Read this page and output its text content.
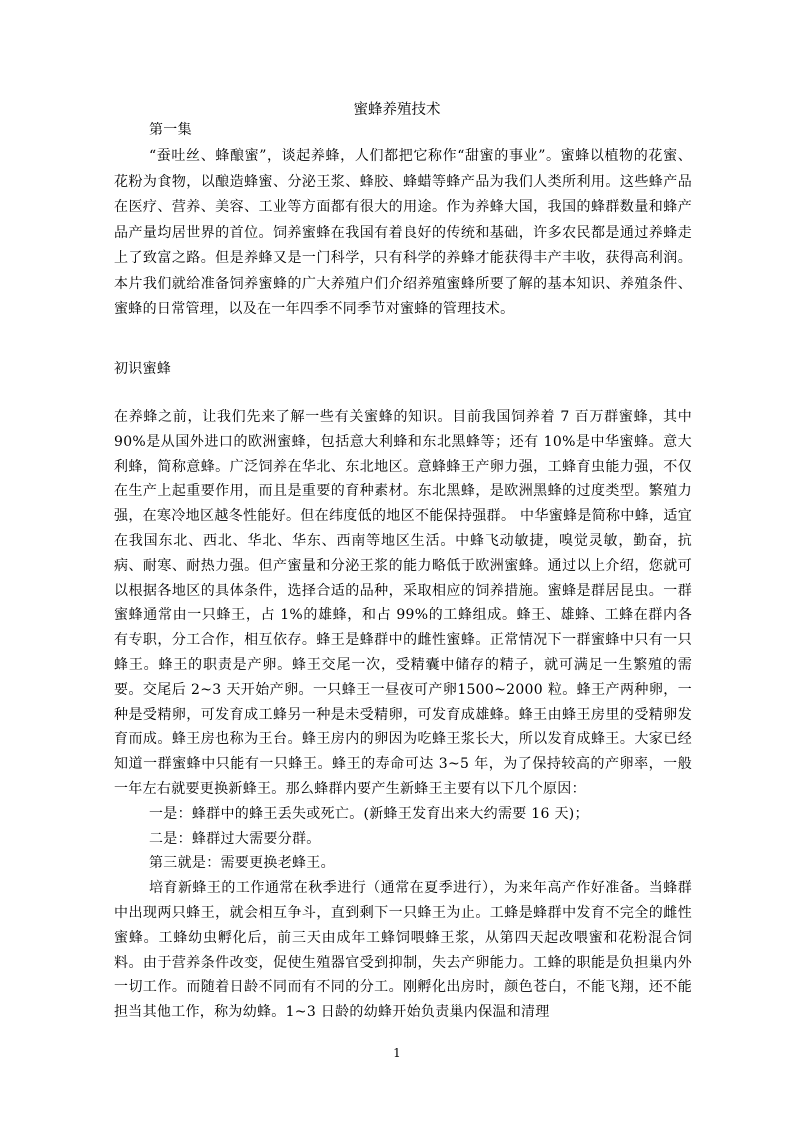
蜜蜂养殖技术
第一集

“蚕吐丝、蜂酿蜜”，谈起养蜂，人们都把它称作“甜蜜的事业”。蜜蜂以植物的花蜜、花粉为食物，以酿造蜂蜜、分泌王浆、蜂胶、蜂蜡等蜂产品为我们人类所利用。这些蜂产品在医疗、营养、美容、工业等方面都有很大的用途。作为养蜂大国，我国的蜂群数量和蜂产品产量均居世界的首位。饲养蜜蜂在我国有着良好的传统和基础，许多农民都是通过养蜂走上了致富之路。但是养蜂又是一门科学，只有科学的养蜂才能获得丰产丰收，获得高利润。本片我们就给准备饲养蜜蜂的广大养殖户们介绍养殖蜜蜂所要了解的基本知识、养殖条件、蜜蜂的日常管理，以及在一年四季不同季节对蜜蜂的管理技术。

初识蜜蜂

在养蜂之前，让我们先来了解一些有关蜜蜂的知识。目前我国饲养着 7 百万群蜜蜂，其中 90%是从国外进口的欧洲蜜蜂，包括意大利蜂和东北黑蜂等；还有 10%是中华蜜蜂。意大利蜂，简称意蜂。广泛饲养在华北、东北地区。意蜂蜂王产卵力强，工蜂育虫能力强，不仅在生产上起重要作用，而且是重要的育种素材。东北黑蜂，是欧洲黑蜂的过度类型。繁殖力强，在寒冷地区越冬性能好。但在纬度低的地区不能保持强群。 中华蜜蜂是简称中蜂，适宜在我国东北、西北、华北、华东、西南等地区生活。中蜂飞动敏捷，嗅觉灵敏，勤奋，抗病、耐寒、耐热力强。但产蜜量和分泌王浆的能力略低于欧洲蜜蜂。通过以上介绍，您就可以根据各地区的具体条件，选择合适的品种，采取相应的饲养措施。蜜蜂是群居昆虫。一群蜜蜂通常由一只蜂王，占 1%的雄蜂，和占 99%的工蜂组成。蜂王、雄蜂、工蜂在群内各有专职，分工合作，相互依存。蜂王是蜂群中的雌性蜜蜂。正常情况下一群蜜蜂中只有一只蜂王。蜂王的职责是产卵。蜂王交尾一次，受精囊中储存的精子，就可满足一生繁殖的需要。交尾后 2~3 天开始产卵。一只蜂王一昼夜可产卵1500~2000 粒。蜂王产两种卵，一种是受精卵，可发育成工蜂另一种是未受精卵，可发育成雄蜂。蜂王由蜂王房里的受精卵发育而成。蜂王房也称为王台。蜂王房内的卵因为吃蜂王浆长大，所以发育成蜂王。大家已经知道一群蜜蜂中只能有一只蜂王。蜂王的寿命可达 3~5 年，为了保持较高的产卵率，一般一年左右就要更换新蜂王。那么蜂群内要产生新蜂王主要有以下几个原因：

一是：蜂群中的蜂王丢失或死亡。(新蜂王发育出来大约需要 16 天)；

二是：蜂群过大需要分群。

第三就是：需要更换老蜂王。

培育新蜂王的工作通常在秋季进行（通常在夏季进行），为来年高产作好准备。当蜂群中出现两只蜂王，就会相互争斗，直到剩下一只蜂王为止。工蜂是蜂群中发育不完全的雌性蜜蜂。工蜂幼虫孵化后，前三天由成年工蜂饲喂蜂王浆，从第四天起改喂蜜和花粉混合饲料。由于营养条件改变，促使生殖器官受到抑制，失去产卵能力。工蜂的职能是负担巢内外一切工作。而随着日龄不同而有不同的分工。刚孵化出房时，颜色苍白，不能飞翔，还不能担当其他工作，称为幼蜂。1~3 日龄的幼蜂开始负责巢内保温和清理

1
